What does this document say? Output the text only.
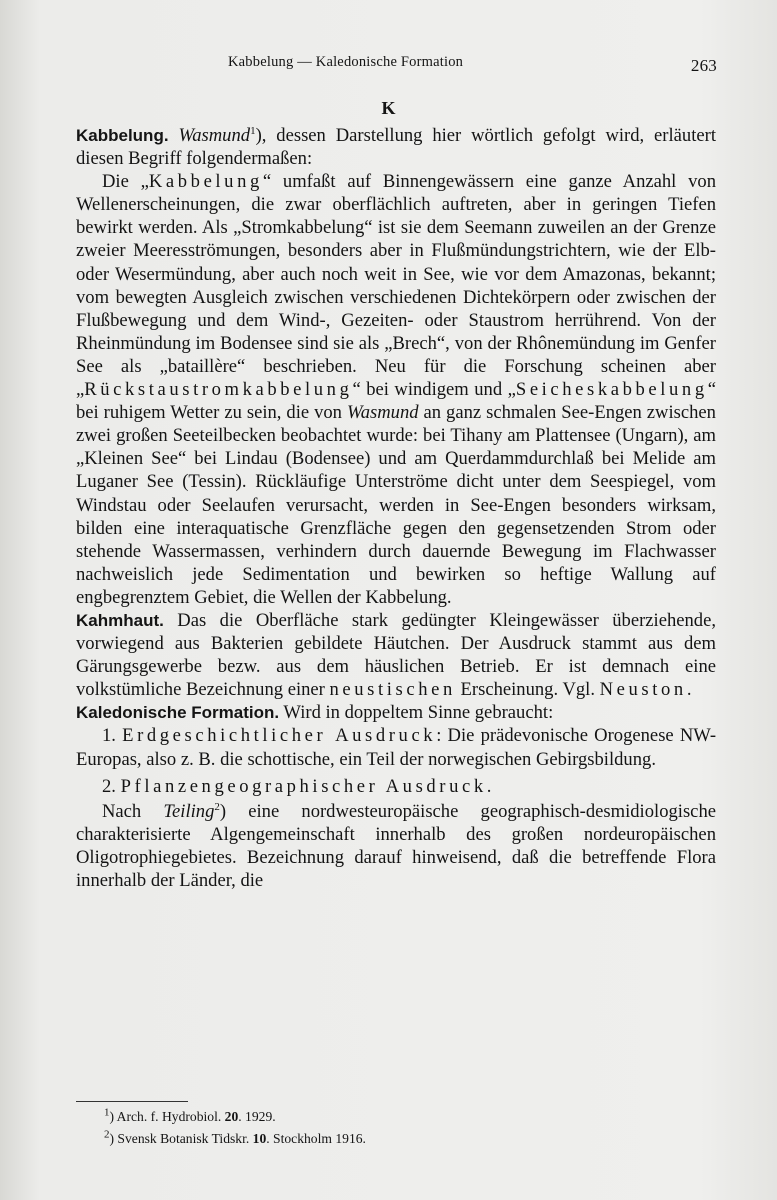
Kabbelung — Kaledonische Formation	263
K

Kabbelung. Wasmund$^1$), dessen Darstellung hier wörtlich gefolgt wird, erläutert diesen Begriff folgendermaßen:

Die „Kabbelung“ umfaßt auf Binnengewässern eine ganze Anzahl von Wellenerscheinungen, die zwar oberflächlich auftreten, aber in geringen Tiefen bewirkt werden. Als „Stromkabbelung“ ist sie dem Seemann zuweilen an der Grenze zweier Meeresströmungen, besonders aber in Flußmündungstrichtern, wie der Elb- oder Wesermündung, aber auch noch weit in See, wie vor dem Amazonas, bekannt; vom bewegten Ausgleich zwischen verschiedenen Dichtekörpern oder zwischen der Flußbewegung und dem Wind-, Gezeiten- oder Staustrom herrührend. Von der Rheinmündung im Bodensee sind sie als „Brech“, von der Rhônemündung im Genfer See als „bataillère“ beschrieben. Neu für die Forschung scheinen aber „Rückstaustromkabbelung“ bei windigem und „Seicheskabbelung“ bei ruhigem Wetter zu sein, die von Wasmund an ganz schmalen See-Engen zwischen zwei großen Seeteilbecken beobachtet wurde: bei Tihany am Plattensee (Ungarn), am „Kleinen See“ bei Lindau (Bodensee) und am Querdammdurchlaß bei Melide am Luganer See (Tessin). Rückläufige Unterströme dicht unter dem Seespiegel, vom Windstau oder Seelaufen verursacht, werden in See-Engen besonders wirksam, bilden eine interaquatische Grenzfläche gegen den gegensetzenden Strom oder stehende Wassermassen, verhindern durch dauernde Bewegung im Flachwasser nachweislich jede Sedimentation und bewirken so heftige Wallung auf engbegrenztem Gebiet, die Wellen der Kabbelung.

Kahmhaut. Das die Oberfläche stark gedüngter Kleingewässer überziehende, vorwiegend aus Bakterien gebildete Häutchen. Der Ausdruck stammt aus dem Gärungsgewerbe bezw. aus dem häuslichen Betrieb. Er ist demnach eine volkstümliche Bezeichnung einer neustischen Erscheinung. Vgl. Neuston.

Kaledonische Formation. Wird in doppeltem Sinne gebraucht:

1. Erdgeschichtlicher Ausdruck: Die prädevonische Orogenese NW-Europas, also z. B. die schottische, ein Teil der norwegischen Gebirgsbildung.

2. Pflanzengeographischer Ausdruck.

Nach Teiling$^2$) eine nordwesteuropäische geographisch-desmidiologische charakterisierte Algengemeinschaft innerhalb des großen nordeuropäischen Oligotrophiegebietes. Bezeichnung darauf hinweisend, daß die betreffende Flora innerhalb der Länder, die

$^1$) Arch. f. Hydrobiol. 20. 1929.
$^2$) Svensk Botanisk Tidskr. 10. Stockholm 1916.
